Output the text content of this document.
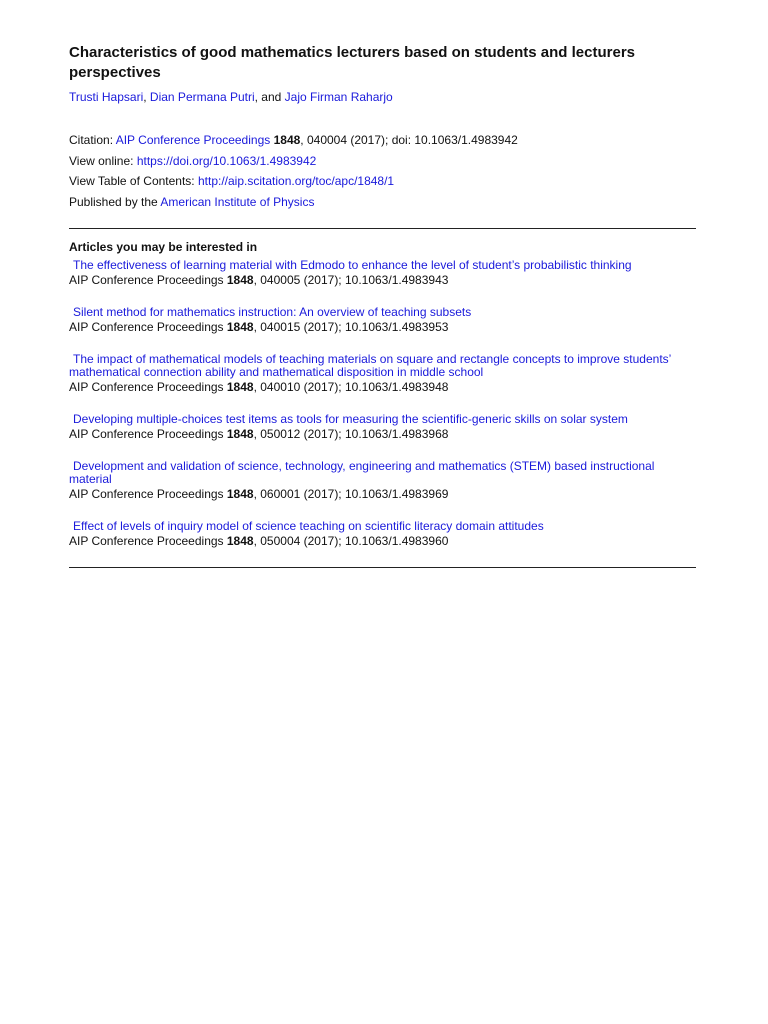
Characteristics of good mathematics lecturers based on students and lecturers perspectives
Trusti Hapsari, Dian Permana Putri, and Jajo Firman Raharjo
Citation: AIP Conference Proceedings 1848, 040004 (2017); doi: 10.1063/1.4983942
View online: https://doi.org/10.1063/1.4983942
View Table of Contents: http://aip.scitation.org/toc/apc/1848/1
Published by the American Institute of Physics
Articles you may be interested in
The effectiveness of learning material with Edmodo to enhance the level of student’s probabilistic thinking
AIP Conference Proceedings 1848, 040005 (2017); 10.1063/1.4983943
Silent method for mathematics instruction: An overview of teaching subsets
AIP Conference Proceedings 1848, 040015 (2017); 10.1063/1.4983953
The impact of mathematical models of teaching materials on square and rectangle concepts to improve students’ mathematical connection ability and mathematical disposition in middle school
AIP Conference Proceedings 1848, 040010 (2017); 10.1063/1.4983948
Developing multiple-choices test items as tools for measuring the scientific-generic skills on solar system
AIP Conference Proceedings 1848, 050012 (2017); 10.1063/1.4983968
Development and validation of science, technology, engineering and mathematics (STEM) based instructional material
AIP Conference Proceedings 1848, 060001 (2017); 10.1063/1.4983969
Effect of levels of inquiry model of science teaching on scientific literacy domain attitudes
AIP Conference Proceedings 1848, 050004 (2017); 10.1063/1.4983960
